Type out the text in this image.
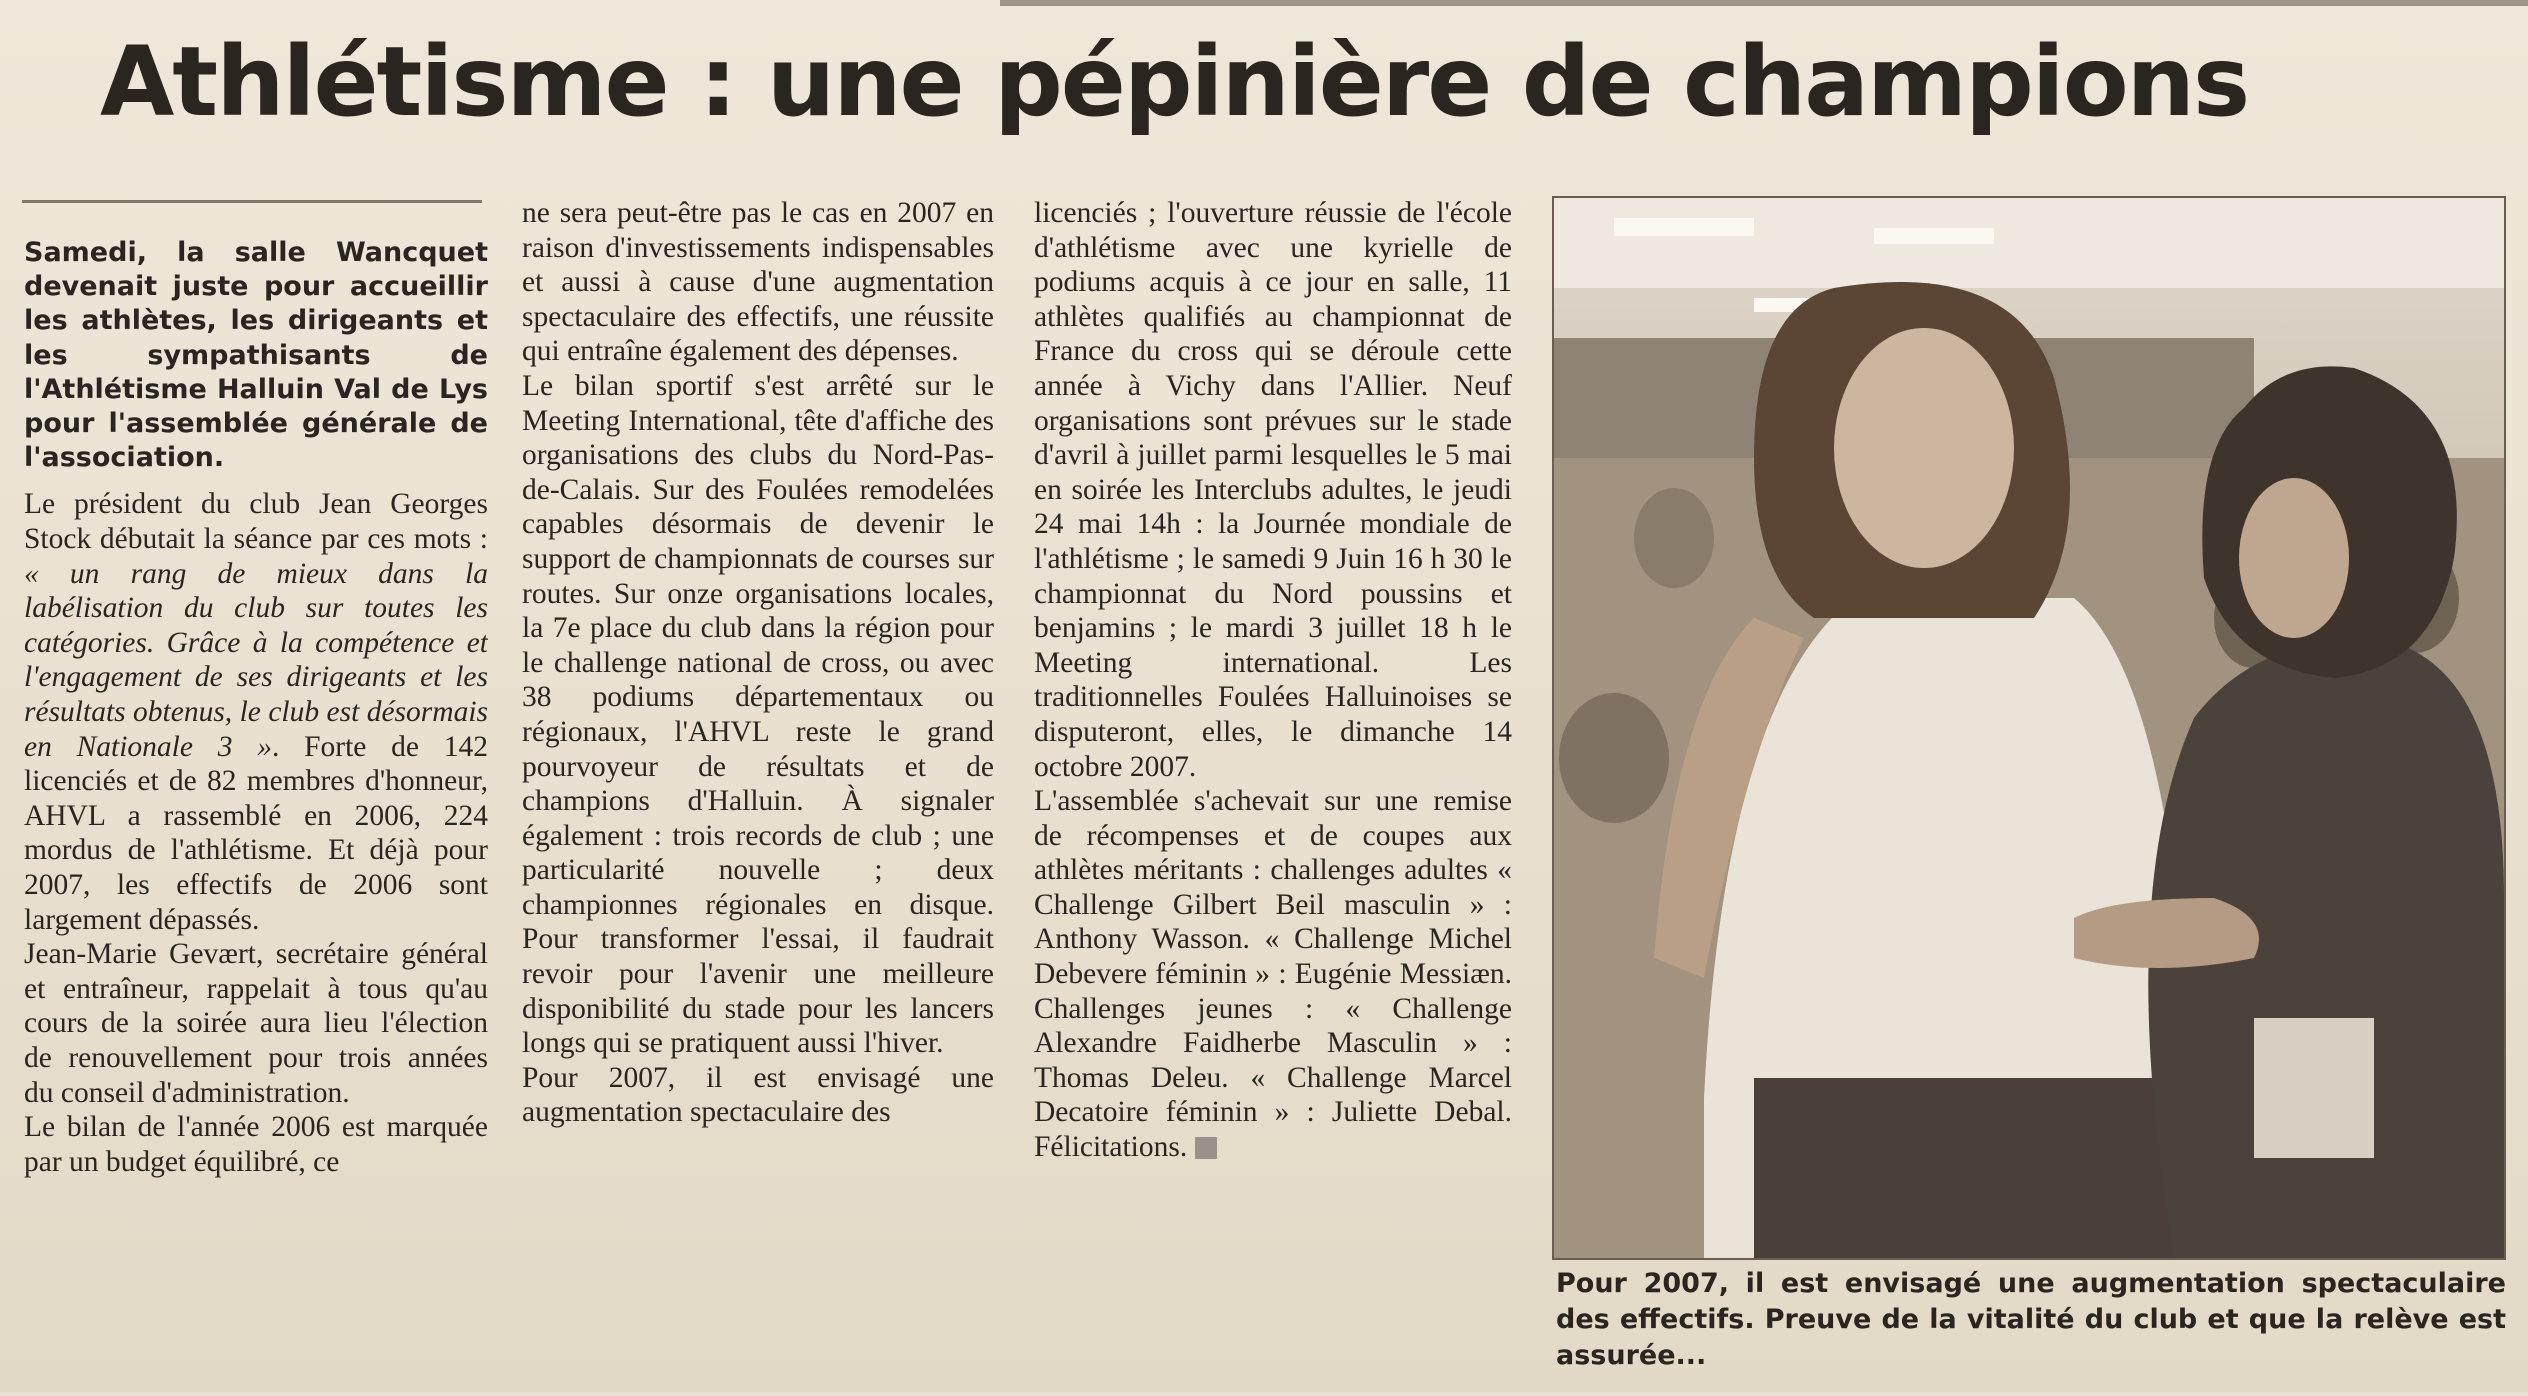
Athlétisme : une pépinière de champions

Samedi, la salle Wancquet devenait juste pour accueillir les athlètes, les dirigeants et les sympathisants de l'Athlétisme Halluin Val de Lys pour l'assemblée générale de l'association.

Le président du club Jean Georges Stock débutait la séance par ces mots : « un rang de mieux dans la labélisation du club sur toutes les catégories. Grâce à la compétence et l'engagement de ses dirigeants et les résultats obtenus, le club est désormais en Nationale 3 ». Forte de 142 licenciés et de 82 membres d'honneur, AHVL a rassemblé en 2006, 224 mordus de l'athlétisme. Et déjà pour 2007, les effectifs de 2006 sont largement dépassés.

Jean-Marie Gevært, secrétaire général et entraîneur, rappelait à tous qu'au cours de la soirée aura lieu l'élection de renouvellement pour trois années du conseil d'administration.

Le bilan de l'année 2006 est marquée par un budget équilibré, ce

ne sera peut-être pas le cas en 2007 en raison d'investissements indispensables et aussi à cause d'une augmentation spectaculaire des effectifs, une réussite qui entraîne également des dépenses.

Le bilan sportif s'est arrêté sur le Meeting International, tête d'affiche des organisations des clubs du Nord-Pas-de-Calais. Sur des Foulées remodelées capables désormais de devenir le support de championnats de courses sur routes. Sur onze organisations locales, la 7e place du club dans la région pour le challenge national de cross, ou avec 38 podiums départementaux ou régionaux, l'AHVL reste le grand pourvoyeur de résultats et de champions d'Halluin. À signaler également : trois records de club ; une particularité nouvelle ; deux championnes régionales en disque. Pour transformer l'essai, il faudrait revoir pour l'avenir une meilleure disponibilité du stade pour les lancers longs qui se pratiquent aussi l'hiver.

Pour 2007, il est envisagé une augmentation spectaculaire des

licenciés ; l'ouverture réussie de l'école d'athlétisme avec une kyrielle de podiums acquis à ce jour en salle, 11 athlètes qualifiés au championnat de France du cross qui se déroule cette année à Vichy dans l'Allier. Neuf organisations sont prévues sur le stade d'avril à juillet parmi lesquelles le 5 mai en soirée les Interclubs adultes, le jeudi 24 mai 14h : la Journée mondiale de l'athlétisme ; le samedi 9 Juin 16 h 30 le championnat du Nord poussins et benjamins ; le mardi 3 juillet 18 h le Meeting international. Les traditionnelles Foulées Halluinoises se disputeront, elles, le dimanche 14 octobre 2007.

L'assemblée s'achevait sur une remise de récompenses et de coupes aux athlètes méritants : challenges adultes « Challenge Gilbert Beil masculin » : Anthony Wasson. « Challenge Michel Debevere féminin » : Eugénie Messiæn. Challenges jeunes : « Challenge Alexandre Faidherbe Masculin » : Thomas Deleu. « Challenge Marcel Decatoire féminin » : Juliette Debal. Félicitations.

Pour 2007, il est envisagé une augmentation spectaculaire des effectifs. Preuve de la vitalité du club et que la relève est assurée...
